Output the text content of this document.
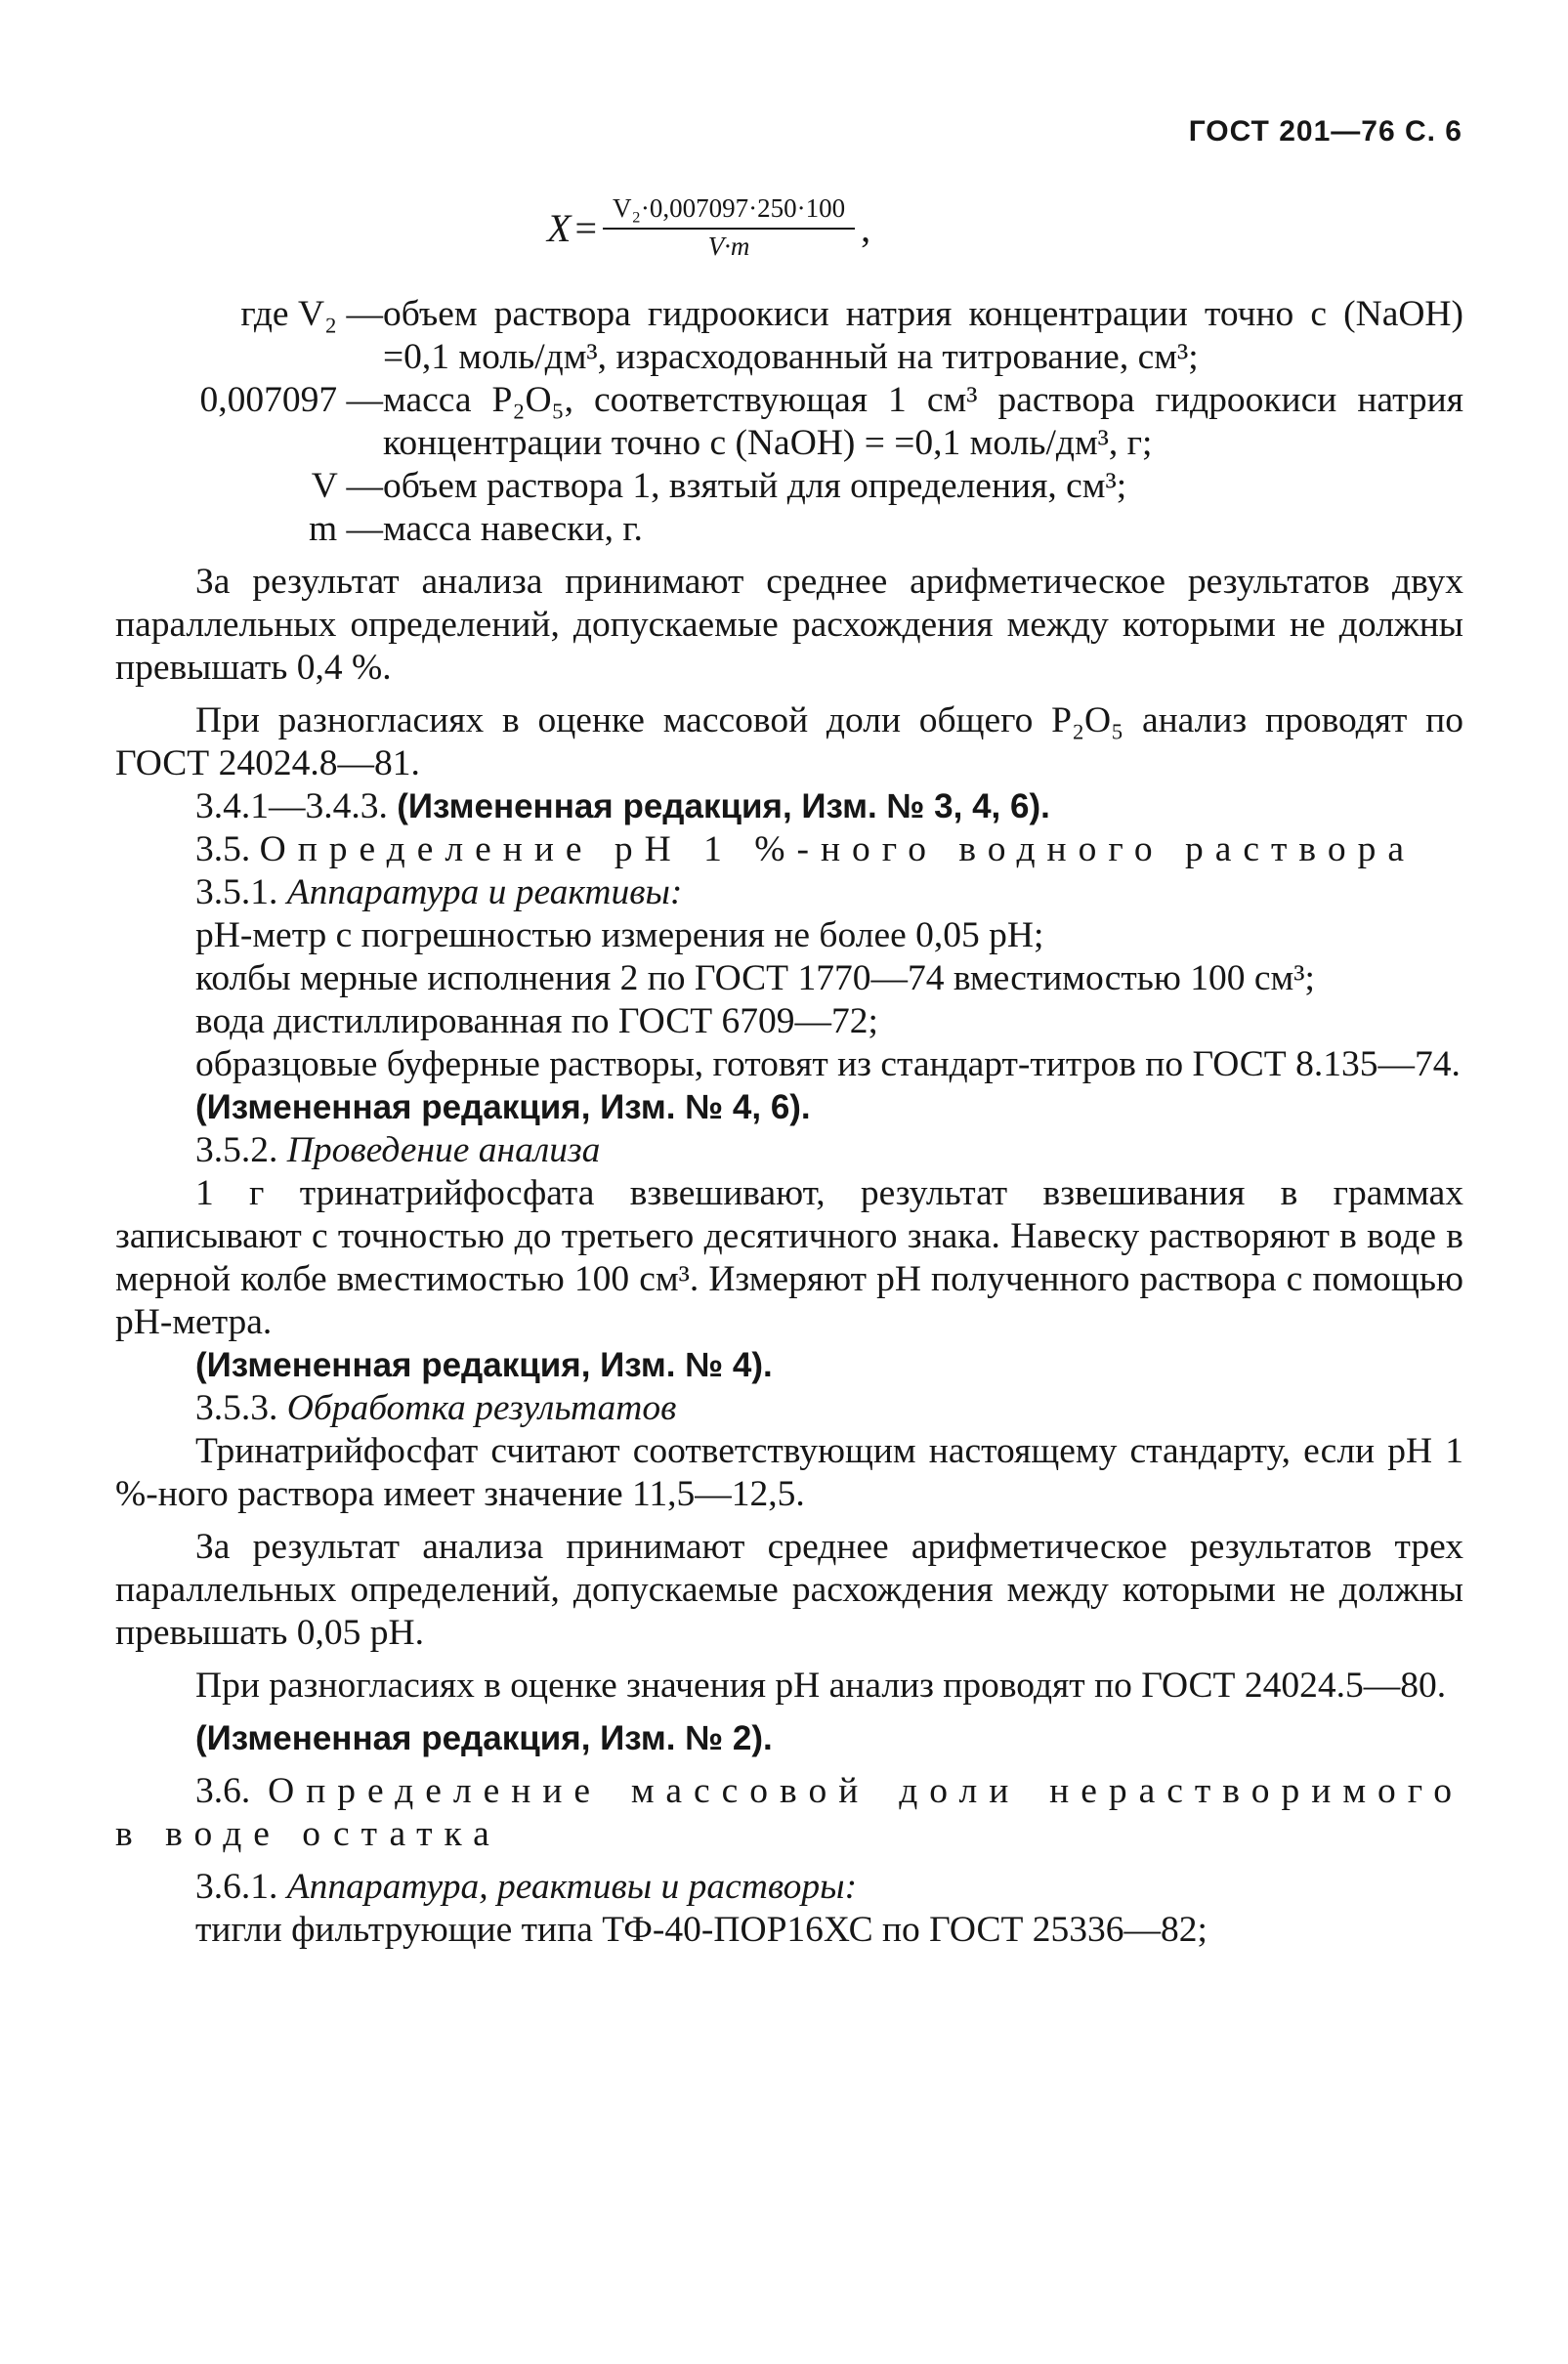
ГОСТ 201—76 С. 6
$X = \frac{\text{V₂·0,007097·250·100}}{V\cdot m}$ ,
где V₂ — объем раствора гидроокиси натрия концентрации точно c (NaOH) =0,1 моль/дм³, израсходованный на титрование, см³;
0,007097 — масса P₂O₅, соответствующая 1 см³ раствора гидроокиси натрия концентрации точно c (NaOH) = =0,1 моль/дм³, г;
V — объем раствора 1, взятый для определения, см³;
m — масса навески, г.

За результат анализа принимают среднее арифметическое результатов двух параллельных определений, допускаемые расхождения между которыми не должны превышать 0,4 %.

При разногласиях в оценке массовой доли общего P₂O₅ анализ проводят по ГОСТ 24024.8—81.

3.4.1—3.4.3. (Измененная редакция, Изм. № 3, 4, 6).

3.5. Определение pH 1 %-ного водного раствора

3.5.1. Аппаратура и реактивы:

pH-метр с погрешностью измерения не более 0,05 pH;

колбы мерные исполнения 2 по ГОСТ 1770—74 вместимостью 100 см³;

вода дистиллированная по ГОСТ 6709—72;

образцовые буферные растворы, готовят из стандарт-титров по ГОСТ 8.135—74.

(Измененная редакция, Изм. № 4, 6).

3.5.2. Проведение анализа

1 г тринатрийфосфата взвешивают, результат взвешивания в граммах записывают с точностью до третьего десятичного знака. Навеску растворяют в воде в мерной колбе вместимостью 100 см³. Измеряют pH полученного раствора с помощью pH-метра.

(Измененная редакция, Изм. № 4).

3.5.3. Обработка результатов

Тринатрийфосфат считают соответствующим настоящему стандарту, если pH 1 %-ного раствора имеет значение 11,5—12,5.

За результат анализа принимают среднее арифметическое результатов трех параллельных определений, допускаемые расхождения между которыми не должны превышать 0,05 pH.

При разногласиях в оценке значения pH анализ проводят по ГОСТ 24024.5—80.

(Измененная редакция, Изм. № 2).

3.6. Определение массовой доли нерастворимого в воде остатка

3.6.1. Аппаратура, реактивы и растворы:

тигли фильтрующие типа ТФ-40-ПОР16ХС по ГОСТ 25336—82;
